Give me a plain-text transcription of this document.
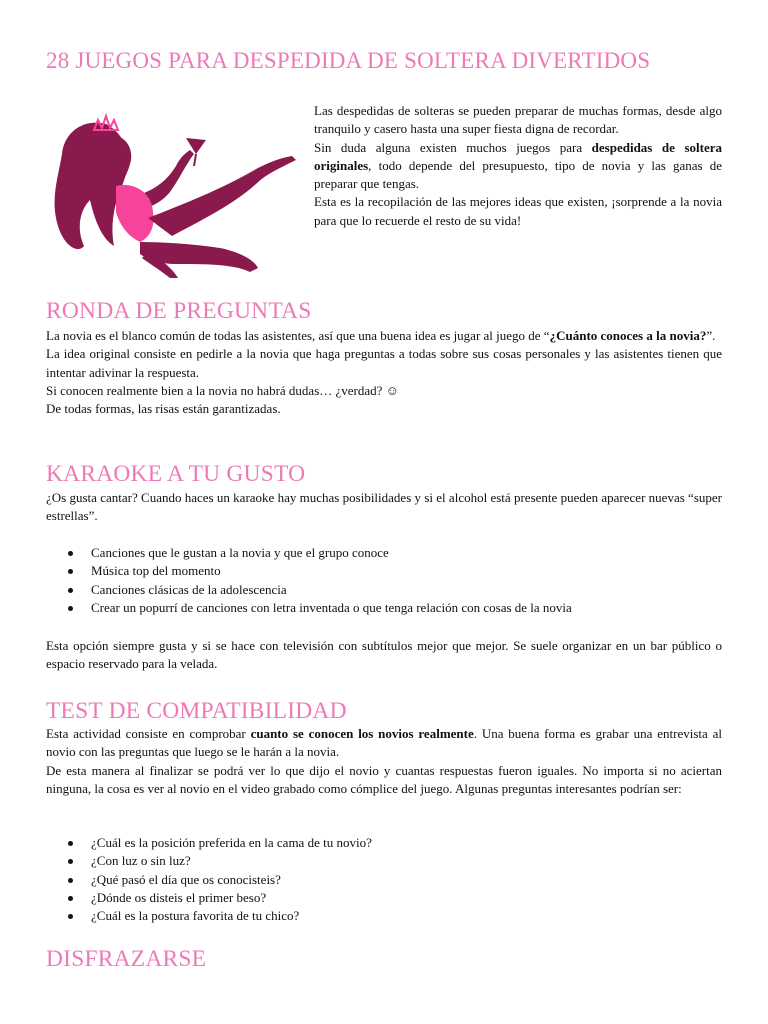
28 JUEGOS PARA DESPEDIDA DE SOLTERA DIVERTIDOS
Las despedidas de solteras se pueden preparar de muchas formas, desde algo tranquilo y casero hasta una super fiesta digna de recordar.
Sin duda alguna existen muchos juegos para despedidas de soltera originales, todo depende del presupuesto, tipo de novia y las ganas de preparar que tengas.
Esta es la recopilación de las mejores ideas que existen, ¡sorprende a la novia para que lo recuerde el resto de su vida!
RONDA DE PREGUNTAS
La novia es el blanco común de todas las asistentes, así que una buena idea es jugar al juego de “¿Cuánto conoces a la novia?”.
La idea original consiste en pedirle a la novia que haga preguntas a todas sobre sus cosas personales y las asistentes tienen que intentar adivinar la respuesta.
Si conocen realmente bien a la novia no habrá dudas… ¿verdad? ☺
De todas formas, las risas están garantizadas.
KARAOKE A TU GUSTO
¿Os gusta cantar? Cuando haces un karaoke hay muchas posibilidades y si el alcohol está presente pueden aparecer nuevas “super estrellas”.
Canciones que le gustan a la novia y que el grupo conoce
Música top del momento
Canciones clásicas de la adolescencia
Crear un popurrí de canciones con letra inventada o que tenga relación con cosas de la novia
Esta opción siempre gusta y si se hace con televisión con subtítulos mejor que mejor. Se suele organizar en un bar público o espacio reservado para la velada.
TEST DE COMPATIBILIDAD
Esta actividad consiste en comprobar cuanto se conocen los novios realmente. Una buena forma es grabar una entrevista al novio con las preguntas que luego se le harán a la novia.
De esta manera al finalizar se podrá ver lo que dijo el novio y cuantas respuestas fueron iguales. No importa si no aciertan ninguna, la cosa es ver al novio en el video grabado como cómplice del juego. Algunas preguntas interesantes podrían ser:
¿Cuál es la posición preferida en la cama de tu novio?
¿Con luz o sin luz?
¿Qué pasó el día que os conocisteis?
¿Dónde os disteis el primer beso?
¿Cuál es la postura favorita de tu chico?
DISFRAZARSE
